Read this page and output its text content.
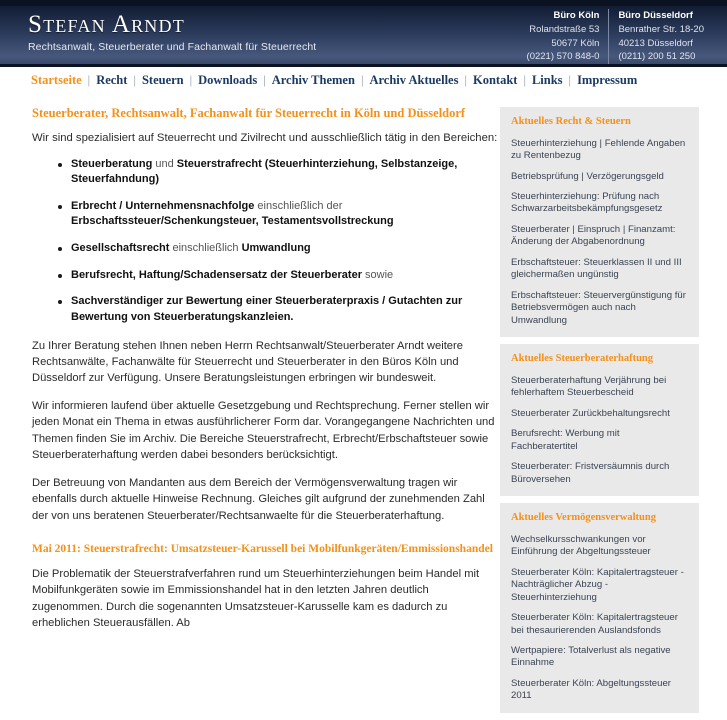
Stefan Arndt
Rechtsanwalt, Steuerberater und Fachanwalt für Steuerrecht
Büro Köln
Rolandstraße 53
50677 Köln
(0221) 570 848-0
Büro Düsseldorf
Benrather Str. 18-20
40213 Düsseldorf
(0211) 200 51 250
Startseite | Recht | Steuern | Downloads | Archiv Themen | Archiv Aktuelles | Kontakt | Links | Impressum
Steuerberater, Rechtsanwalt, Fachanwalt für Steuerrecht in Köln und Düsseldorf

Wir sind spezialisiert auf Steuerrecht und Zivilrecht und ausschließlich tätig in den Bereichen:

Steuerberatung und Steuerstrafrecht (Steuerhinterziehung, Selbstanzeige, Steuerfahndung)
Erbrecht / Unternehmensnachfolge einschließlich der Erbschaftssteuer/Schenkungsteuer, Testamentsvollstreckung
Gesellschaftsrecht einschließlich Umwandlung
Berufsrecht, Haftung/Schadensersatz der Steuerberater sowie
Sachverständiger zur Bewertung einer Steuerberaterpraxis / Gutachten zur Bewertung von Steuerberatungskanzleien.

Zu Ihrer Beratung stehen Ihnen neben Herrn Rechtsanwalt/Steuerberater Arndt weitere Rechtsanwälte, Fachanwälte für Steuerrecht und Steuerberater in den Büros Köln und Düsseldorf zur Verfügung. Unsere Beratungsleistungen erbringen wir bundesweit.

Wir informieren laufend über aktuelle Gesetzgebung und Rechtsprechung. Ferner stellen wir jeden Monat ein Thema in etwas ausführlicherer Form dar. Vorangegangene Nachrichten und Themen finden Sie im Archiv. Die Bereiche Steuerstrafrecht, Erbrecht/Erbschaftsteuer sowie Steuerberaterhaftung werden dabei besonders berücksichtigt.

Der Betreuung von Mandanten aus dem Bereich der Vermögensverwaltung tragen wir ebenfalls durch aktuelle Hinweise Rechnung. Gleiches gilt aufgrund der zunehmenden Zahl der von uns beratenen Steuerberater/Rechtsanwaelte für die Steuerberaterhaftung.

Mai 2011: Steuerstrafrecht: Umsatzsteuer-Karussell bei Mobilfunkgeräten/Emmissionshandel

Die Problematik der Steuerstrafverfahren rund um Steuerhinterziehungen beim Handel mit Mobilfunkgeräten sowie im Emmissionshandel hat in den letzten Jahren deutlich zugenommen. Durch die sogenannten Umsatzsteuer-Karusselle kam es dadurch zu erheblichen Steuerausfällen. Ab

Aktuelles Recht & Steuern
Steuerhinterziehung | Fehlende Angaben zu Rentenbezug
Betriebsprüfung | Verzögerungsgeld
Steuerhinterziehung: Prüfung nach Schwarzarbeitsbekämpfungsgesetz
Steuerberater | Einspruch | Finanzamt: Änderung der Abgabenordnung
Erbschaftsteuer: Steuerklassen II und III gleichermaßen ungünstig
Erbschaftsteuer: Steuervergünstigung für Betriebsvermögen auch nach Umwandlung
Aktuelles Steuerberaterhaftung
Steuerberaterhaftung Verjährung bei fehlerhaftem Steuerbescheid
Steuerberater Zurückbehaltungsrecht
Berufsrecht: Werbung mit Fachberatertitel
Steuerberater: Fristversäumnis durch Büroversehen
Aktuelles Vermögensverwaltung
Wechselkursschwankungen vor Einführung der Abgeltungssteuer
Steuerberater Köln: Kapitalertragsteuer - Nachträglicher Abzug - Steuerhinterziehung
Steuerberater Köln: Kapitalertragsteuer bei thesaurierenden Auslandsfonds
Wertpapiere: Totalverlust als negative Einnahme
Steuerberater Köln: Abgeltungssteuer 2011
